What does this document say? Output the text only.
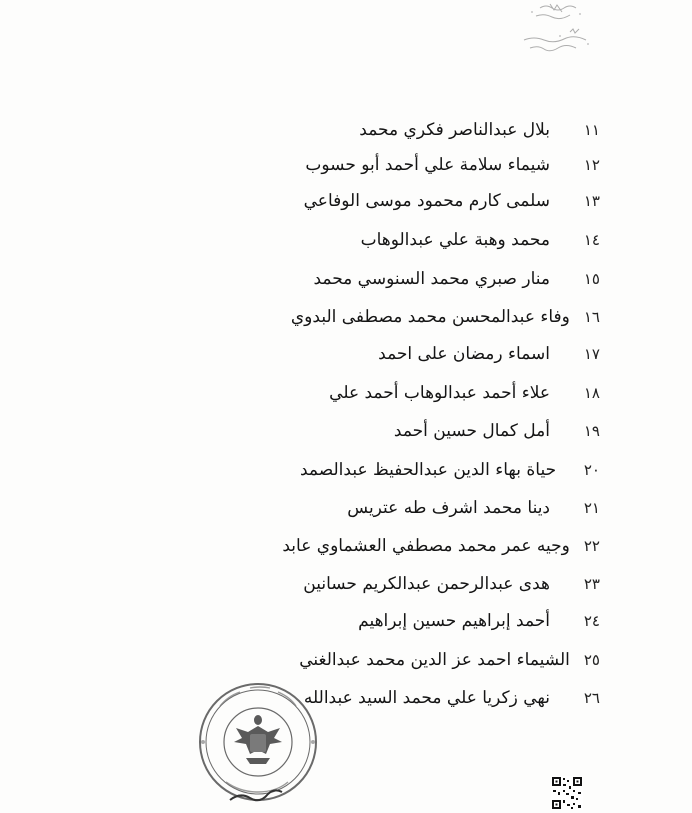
١١
بلال عبدالناصر فكري محمد
١٢
شيماء سلامة علي أحمد أبو حسوب
١٣
سلمى كارم محمود موسى الوفاعي
١٤
محمد وهبة علي عبدالوهاب
١٥
منار صبري محمد السنوسي محمد
١٦
وفاء عبدالمحسن محمد مصطفى البدوي
١٧
اسماء رمضان على احمد
١٨
علاء أحمد عبدالوهاب أحمد علي
١٩
أمل كمال حسين أحمد
٢٠
حياة بهاء الدين عبدالحفيظ عبدالصمد
٢١
دينا محمد اشرف طه عتريس
٢٢
وجيه عمر محمد مصطفي العشماوي عابد
٢٣
هدى عبدالرحمن عبدالكريم حسانين
٢٤
أحمد إبراهيم حسين إبراهيم
٢٥
الشيماء احمد عز الدين محمد عبدالغني
٢٦
نهي زكريا علي محمد السيد عبدالله
